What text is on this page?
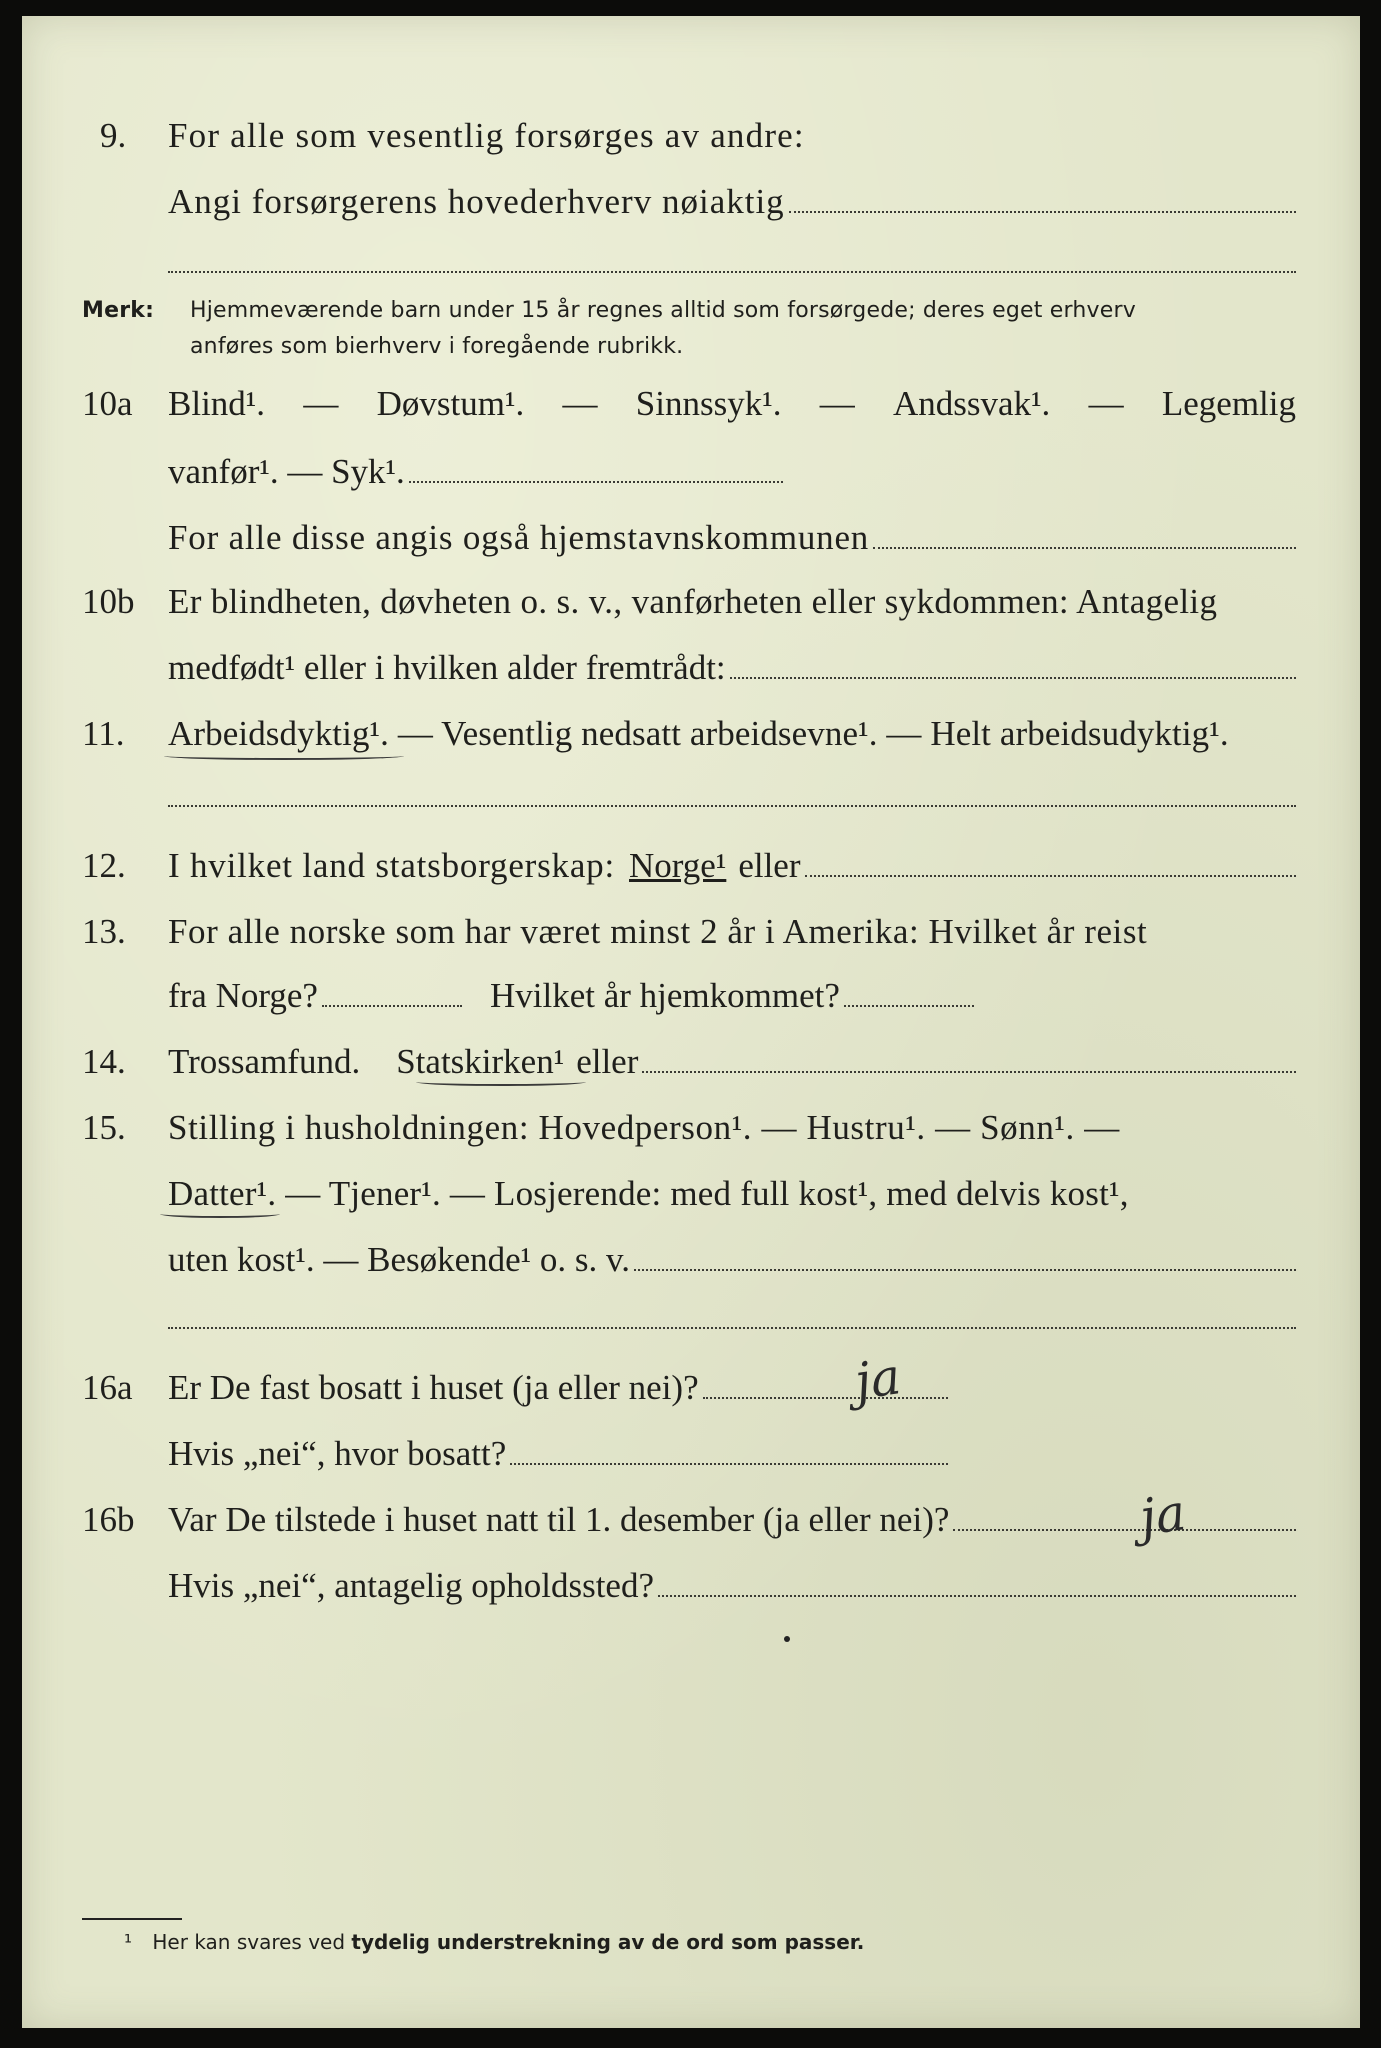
9. For alle som vesentlig forsørges av andre:
Angi forsørgerens hovederhverv nøiaktig
Merk: Hjemmeværende barn under 15 år regnes alltid som forsørgede; deres eget erhverv
anføres som bierhverv i foregående rubrikk.
10a Blind¹. — Døvstum¹. — Sinnssyk¹. — Andssvak¹. — Legemlig
vanfør¹. — Syk¹.
For alle disse angis også hjemstavnskommunen
10b Er blindheten, døvheten o. s. v., vanførheten eller sykdommen: Antagelig
medfødt¹ eller i hvilken alder fremtrådt:
11. Arbeidsdyktig¹. — Vesentlig nedsatt arbeidsevne¹. — Helt arbeidsudyktig¹.
12. I hvilket land statsborgerskap: Norge¹ eller
13. For alle norske som har været minst 2 år i Amerika: Hvilket år reist
fra Norge?	Hvilket år hjemkommet?
14. Trossamfund. Statskirken¹ eller
15. Stilling i husholdningen: Hovedperson¹. — Hustru¹. — Sønn¹. —
Datter¹. — Tjener¹. — Losjerende: med full kost¹, med delvis kost¹,
uten kost¹. — Besøkende¹ o. s. v.
16a Er De fast bosatt i huset (ja eller nei)?	ja
Hvis „nei“, hvor bosatt?
16b Var De tilstede i huset natt til 1. desember (ja eller nei)?	ja
Hvis „nei“, antagelig opholdssted?
¹ Her kan svares ved tydelig understrekning av de ord som passer.
